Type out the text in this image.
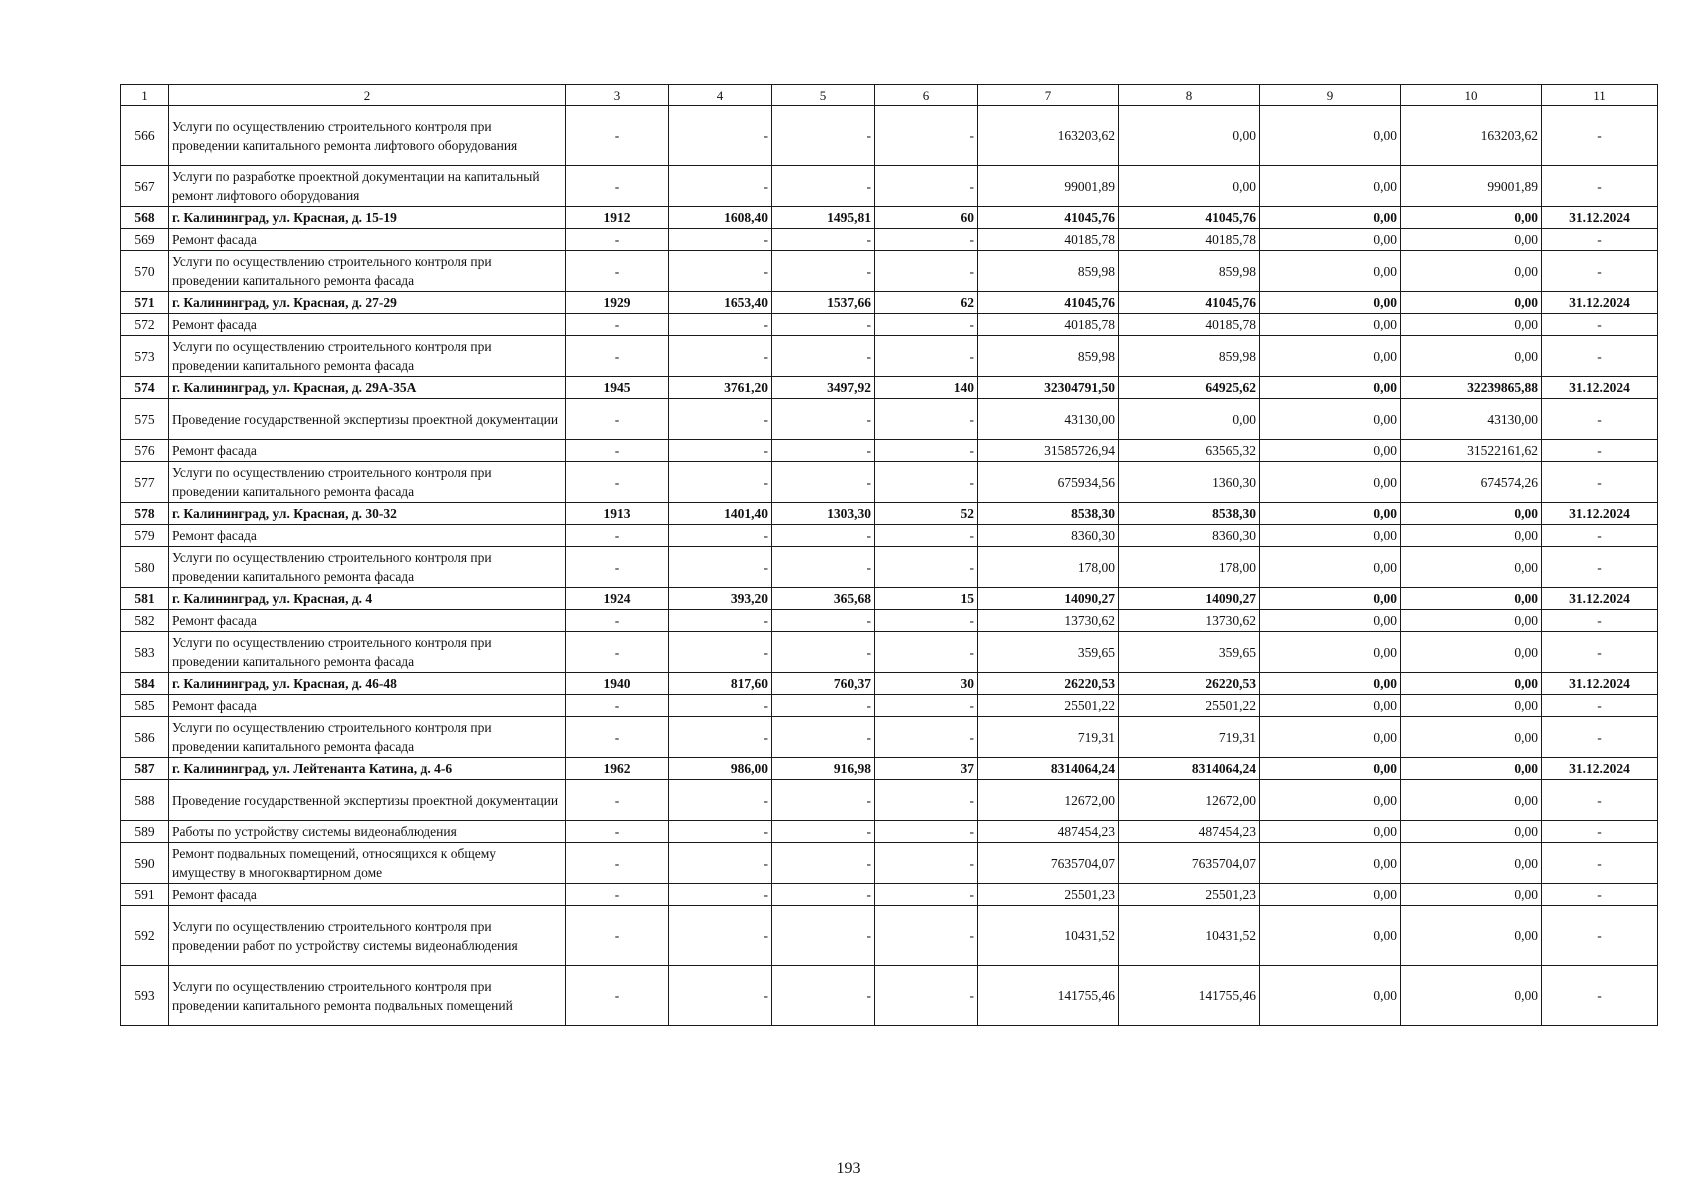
1	2	3	4	5	6	7	8	9	10	11
566	Услуги по осуществлению строительного контроля при проведении капитального ремонта лифтового оборудования	-	-	-	-	163203,62	0,00	0,00	163203,62	-
567	Услуги по разработке проектной документации на капитальный ремонт лифтового оборудования	-	-	-	-	99001,89	0,00	0,00	99001,89	-
568	г. Калининград, ул. Красная, д. 15-19	1912	1608,40	1495,81	60	41045,76	41045,76	0,00	0,00	31.12.2024
569	Ремонт фасада	-	-	-	-	40185,78	40185,78	0,00	0,00	-
570	Услуги по осуществлению строительного контроля при проведении капитального ремонта фасада	-	-	-	-	859,98	859,98	0,00	0,00	-
571	г. Калининград, ул. Красная, д. 27-29	1929	1653,40	1537,66	62	41045,76	41045,76	0,00	0,00	31.12.2024
572	Ремонт фасада	-	-	-	-	40185,78	40185,78	0,00	0,00	-
573	Услуги по осуществлению строительного контроля при проведении капитального ремонта фасада	-	-	-	-	859,98	859,98	0,00	0,00	-
574	г. Калининград, ул. Красная, д. 29А-35А	1945	3761,20	3497,92	140	32304791,50	64925,62	0,00	32239865,88	31.12.2024
575	Проведение государственной экспертизы проектной документации	-	-	-	-	43130,00	0,00	0,00	43130,00	-
576	Ремонт фасада	-	-	-	-	31585726,94	63565,32	0,00	31522161,62	-
577	Услуги по осуществлению строительного контроля при проведении капитального ремонта фасада	-	-	-	-	675934,56	1360,30	0,00	674574,26	-
578	г. Калининград, ул. Красная, д. 30-32	1913	1401,40	1303,30	52	8538,30	8538,30	0,00	0,00	31.12.2024
579	Ремонт фасада	-	-	-	-	8360,30	8360,30	0,00	0,00	-
580	Услуги по осуществлению строительного контроля при проведении капитального ремонта фасада	-	-	-	-	178,00	178,00	0,00	0,00	-
581	г. Калининград, ул. Красная, д. 4	1924	393,20	365,68	15	14090,27	14090,27	0,00	0,00	31.12.2024
582	Ремонт фасада	-	-	-	-	13730,62	13730,62	0,00	0,00	-
583	Услуги по осуществлению строительного контроля при проведении капитального ремонта фасада	-	-	-	-	359,65	359,65	0,00	0,00	-
584	г. Калининград, ул. Красная, д. 46-48	1940	817,60	760,37	30	26220,53	26220,53	0,00	0,00	31.12.2024
585	Ремонт фасада	-	-	-	-	25501,22	25501,22	0,00	0,00	-
586	Услуги по осуществлению строительного контроля при проведении капитального ремонта фасада	-	-	-	-	719,31	719,31	0,00	0,00	-
587	г. Калининград, ул. Лейтенанта Катина, д. 4-6	1962	986,00	916,98	37	8314064,24	8314064,24	0,00	0,00	31.12.2024
588	Проведение государственной экспертизы проектной документации	-	-	-	-	12672,00	12672,00	0,00	0,00	-
589	Работы по устройству системы видеонаблюдения	-	-	-	-	487454,23	487454,23	0,00	0,00	-
590	Ремонт подвальных помещений, относящихся к общему имуществу в многоквартирном доме	-	-	-	-	7635704,07	7635704,07	0,00	0,00	-
591	Ремонт фасада	-	-	-	-	25501,23	25501,23	0,00	0,00	-
592	Услуги по осуществлению строительного контроля при проведении работ по устройству системы видеонаблюдения	-	-	-	-	10431,52	10431,52	0,00	0,00	-
593	Услуги по осуществлению строительного контроля при проведении капитального ремонта подвальных помещений	-	-	-	-	141755,46	141755,46	0,00	0,00	-
193
